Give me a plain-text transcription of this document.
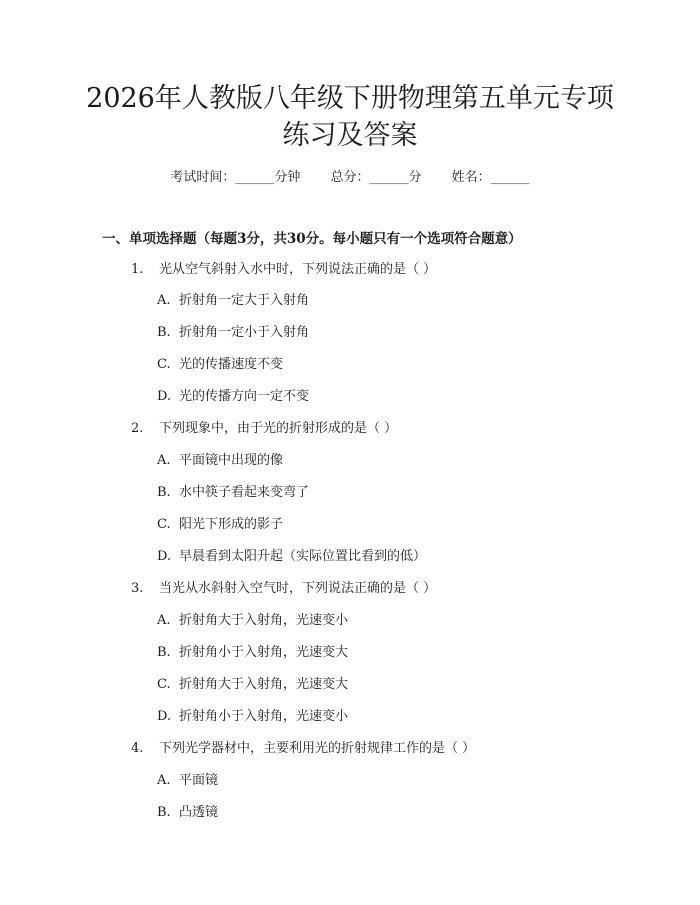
2026年人教版八年级下册物理第五单元专项
练习及答案
考试时间：______分钟 总分：______分 姓名：______
一、单项选择题（每题3分，共30分。每小题只有一个选项符合题意）
1. 光从空气斜射入水中时，下列说法正确的是（ ）
A. 折射角一定大于入射角
B. 折射角一定小于入射角
C. 光的传播速度不变
D. 光的传播方向一定不变
2. 下列现象中，由于光的折射形成的是（ ）
A. 平面镜中出现的像
B. 水中筷子看起来变弯了
C. 阳光下形成的影子
D. 早晨看到太阳升起（实际位置比看到的低）
3. 当光从水斜射入空气时，下列说法正确的是（ ）
A. 折射角大于入射角，光速变小
B. 折射角小于入射角，光速变大
C. 折射角大于入射角，光速变大
D. 折射角小于入射角，光速变小
4. 下列光学器材中，主要利用光的折射规律工作的是（ ）
A. 平面镜
B. 凸透镜
